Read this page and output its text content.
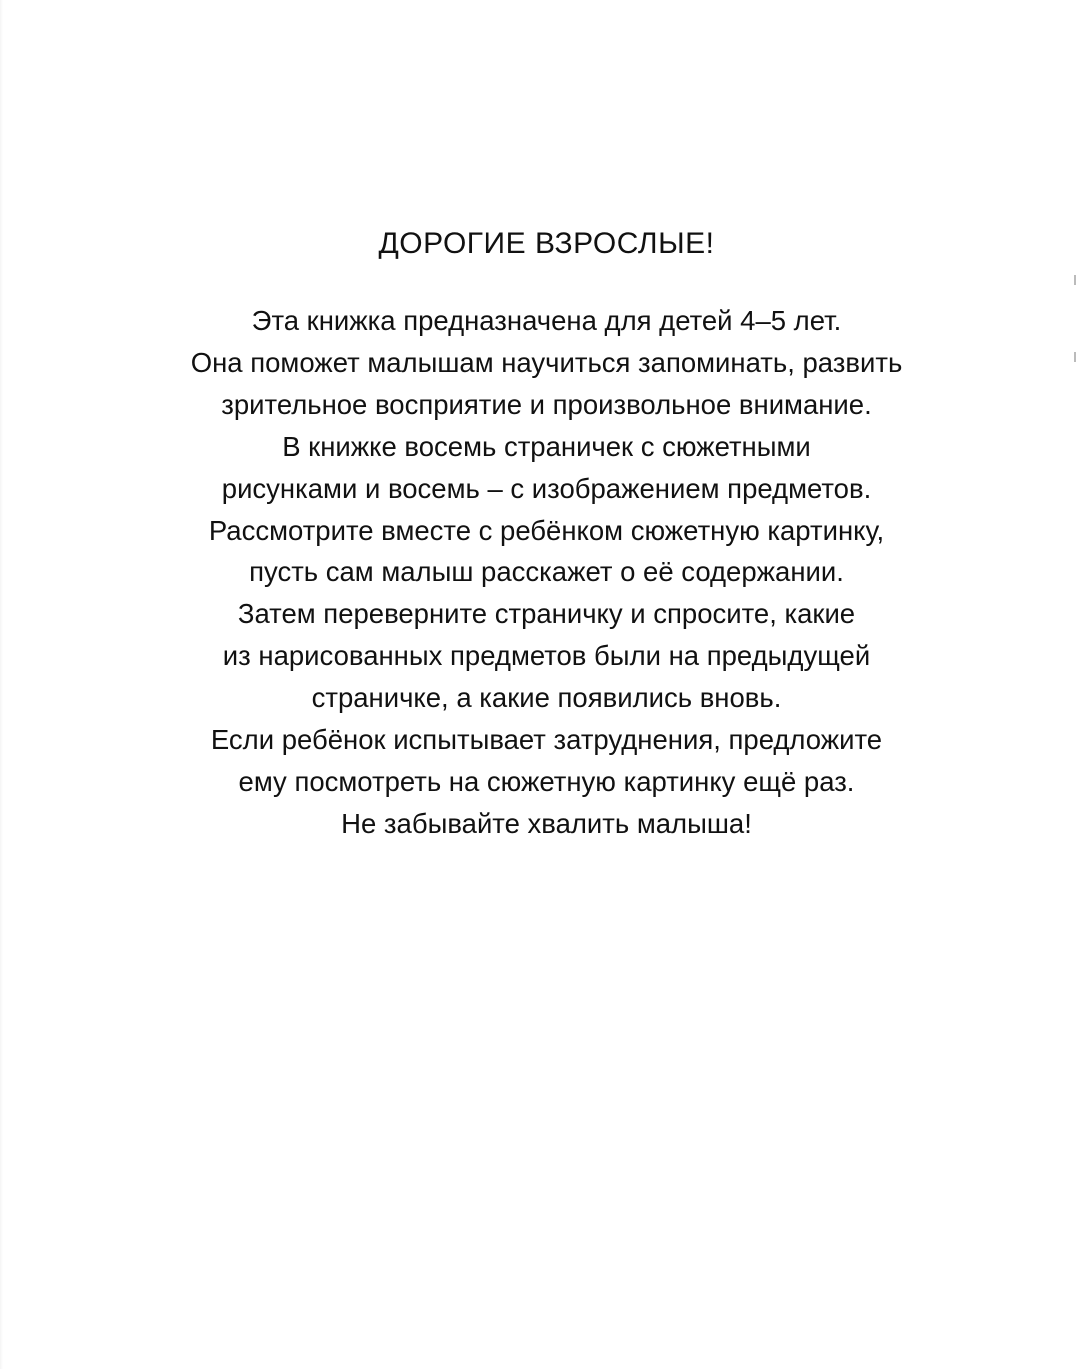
ДОРОГИЕ ВЗРОСЛЫЕ!
Эта книжка предназначена для детей 4–5 лет.
Она поможет малышам научиться запоминать, развить
зрительное восприятие и произвольное внимание.
В книжке восемь страничек с сюжетными
рисунками и восемь – с изображением предметов.
Рассмотрите вместе с ребёнком сюжетную картинку,
пусть сам малыш расскажет о её содержании.
Затем переверните страничку и спросите, какие
из нарисованных предметов были на предыдущей
страничке, а какие появились вновь.
Если ребёнок испытывает затруднения, предложите
ему посмотреть на сюжетную картинку ещё раз.
Не забывайте хвалить малыша!
